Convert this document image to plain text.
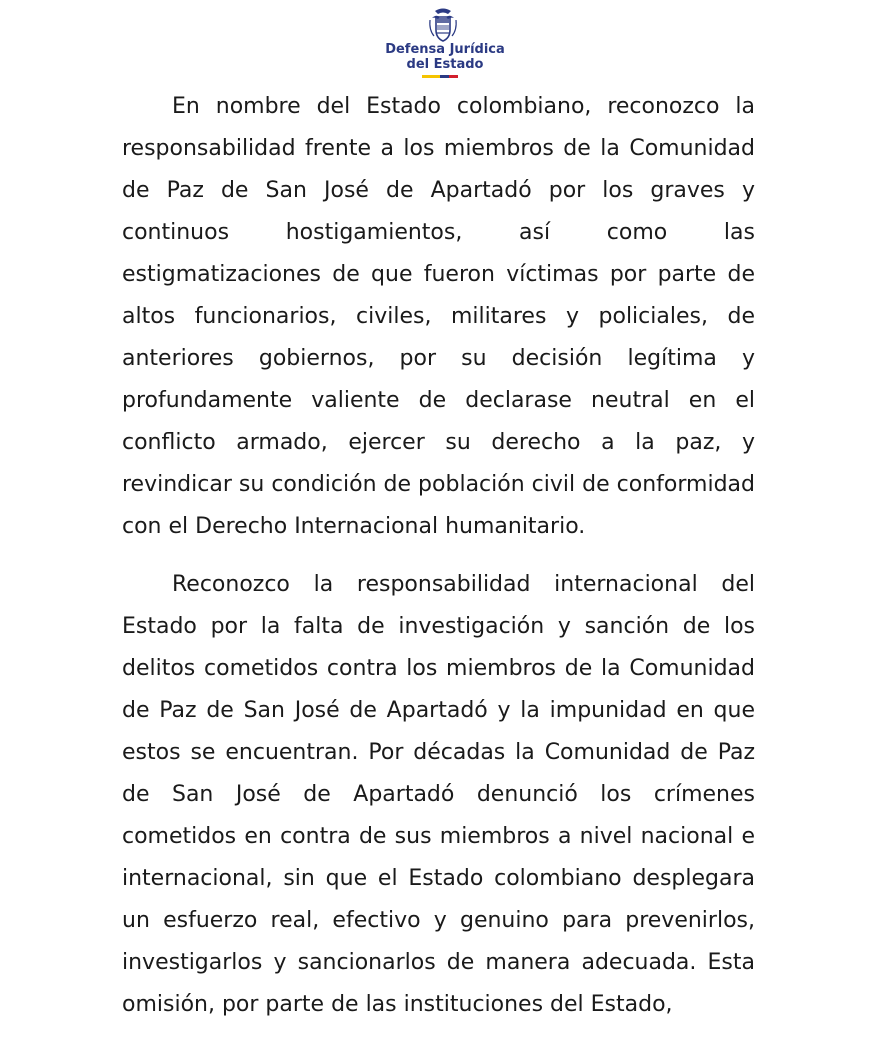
Defensa Jurídica
del Estado

En nombre del Estado colombiano, reconozco la responsabilidad frente a los miembros de la Comunidad de Paz de San José de Apartadó por los graves y continuos hostigamientos, así como las estigmatizaciones de que fueron víctimas por parte de altos funcionarios, civiles, militares y policiales, de anteriores gobiernos, por su decisión legítima y profundamente valiente de declarase neutral en el conflicto armado, ejercer su derecho a la paz, y revindicar su condición de población civil de conformidad con el Derecho Internacional humanitario.

Reconozco la responsabilidad internacional del Estado por la falta de investigación y sanción de los delitos cometidos contra los miembros de la Comunidad de Paz de San José de Apartadó y la impunidad en que estos se encuentran. Por décadas la Comunidad de Paz de San José de Apartadó denunció los crímenes cometidos en contra de sus miembros a nivel nacional e internacional, sin que el Estado colombiano desplegara un esfuerzo real, efectivo y genuino para prevenirlos, investigarlos y sancionarlos de manera adecuada. Esta omisión, por parte de las instituciones del Estado,
